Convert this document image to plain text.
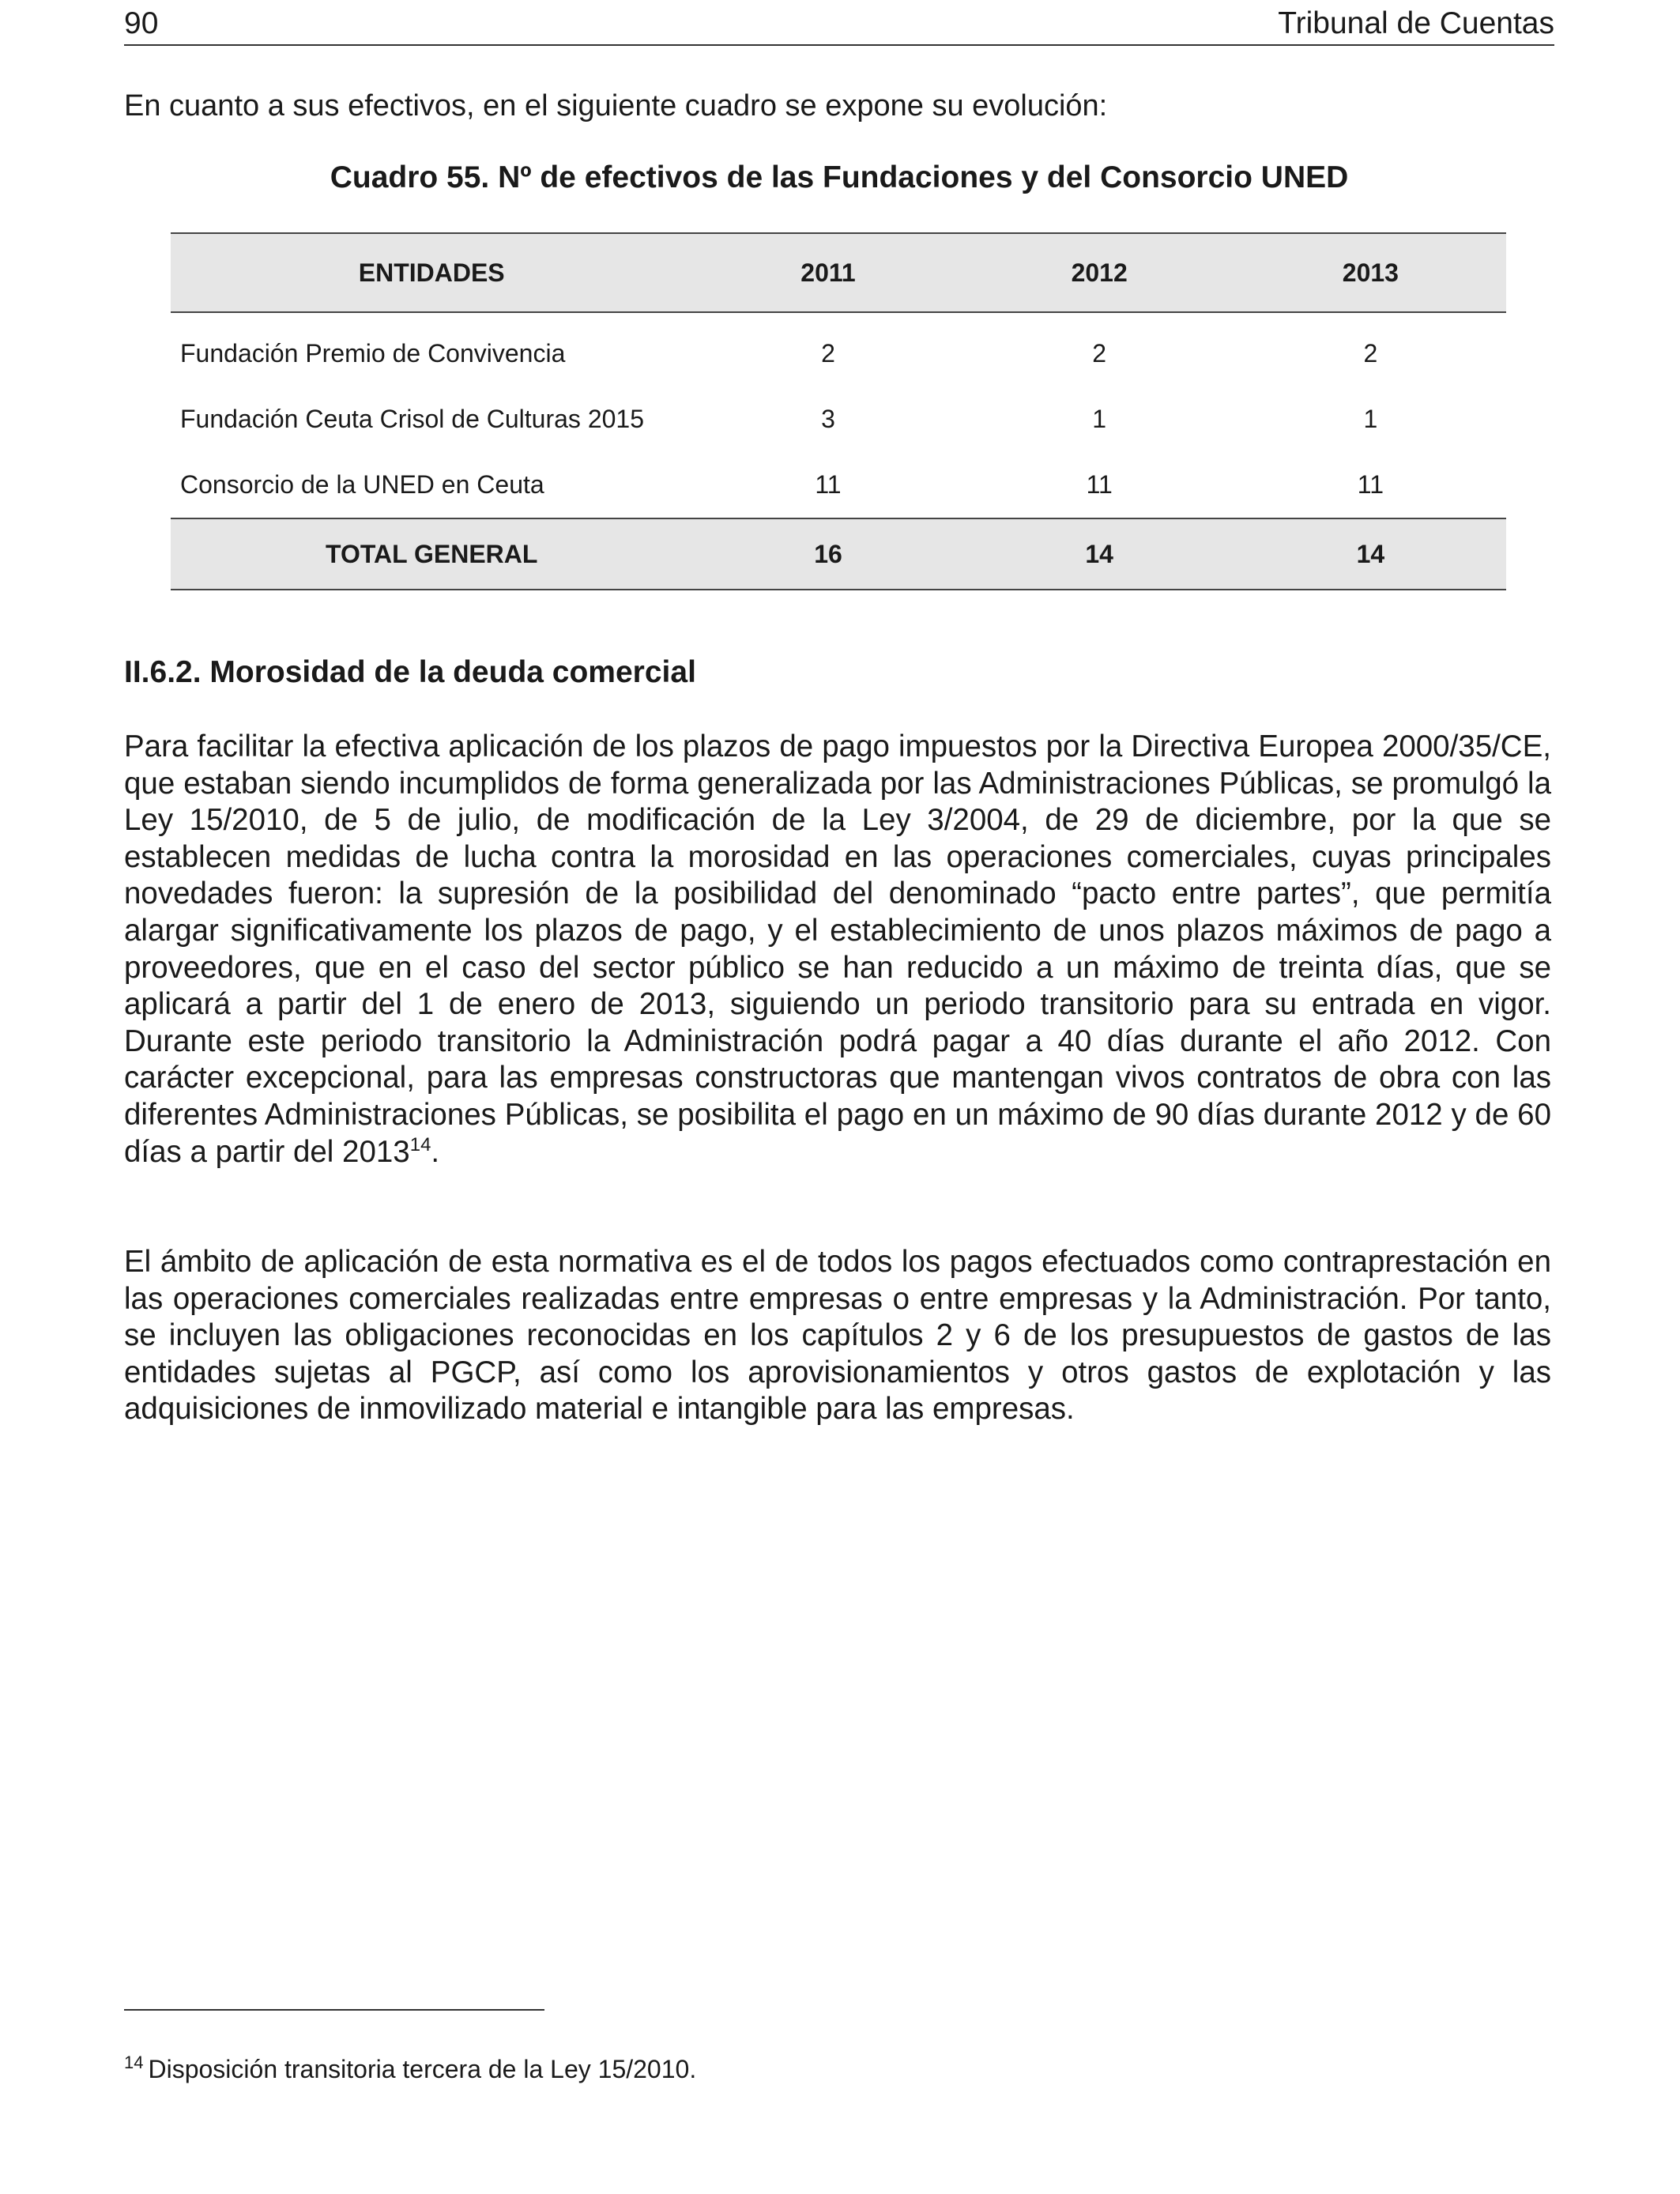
90	Tribunal de Cuentas

En cuanto a sus efectivos, en el siguiente cuadro se expone su evolución:

Cuadro 55. Nº de efectivos de las Fundaciones y del Consorcio UNED

ENTIDADES	2011	2012	2013
Fundación Premio de Convivencia	2	2	2
Fundación Ceuta Crisol de Culturas 2015	3	1	1
Consorcio de la UNED en Ceuta	11	11	11
TOTAL GENERAL	16	14	14
II.6.2. Morosidad de la deuda comercial

Para facilitar la efectiva aplicación de los plazos de pago impuestos por la Directiva Europea 2000/35/CE, que estaban siendo incumplidos de forma generalizada por las Administraciones Públicas, se promulgó la Ley 15/2010, de 5 de julio, de modificación de la Ley 3/2004, de 29 de diciembre, por la que se establecen medidas de lucha contra la morosidad en las operaciones comerciales, cuyas principales novedades fueron: la supresión de la posibilidad del denominado “pacto entre partes”, que permitía alargar significativamente los plazos de pago, y el establecimiento de unos plazos máximos de pago a proveedores, que en el caso del sector público se han reducido a un máximo de treinta días, que se aplicará a partir del 1 de enero de 2013, siguiendo un periodo transitorio para su entrada en vigor. Durante este periodo transitorio la Administración podrá pagar a 40 días durante el año 2012. Con carácter excepcional, para las empresas constructoras que mantengan vivos contratos de obra con las diferentes Administraciones Públicas, se posibilita el pago en un máximo de 90 días durante 2012 y de 60 días a partir del 2013$^{14}$.

El ámbito de aplicación de esta normativa es el de todos los pagos efectuados como contraprestación en las operaciones comerciales realizadas entre empresas o entre empresas y la Administración. Por tanto, se incluyen las obligaciones reconocidas en los capítulos 2 y 6 de los presupuestos de gastos de las entidades sujetas al PGCP, así como los aprovisionamientos y otros gastos de explotación y las adquisiciones de inmovilizado material e intangible para las empresas.

$^{14}$ Disposición transitoria tercera de la Ley 15/2010.
